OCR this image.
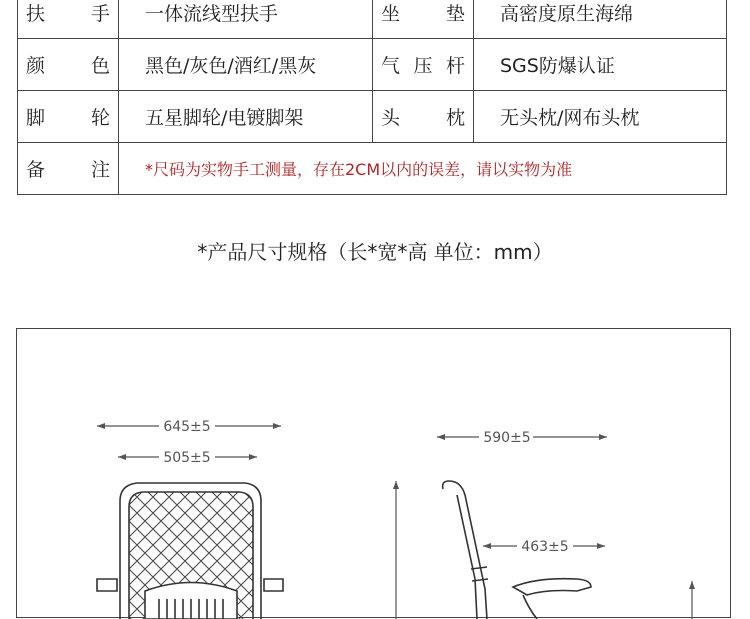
扶 手	一体流线型扶手	坐 垫	高密度原生海绵
颜 色	黑色/灰色/酒红/黑灰	气压杆	SGS防爆认证
脚 轮	五星脚轮/电镀脚架	头 枕	无头枕/网布头枕
备 注	*尺码为实物手工测量，存在2CM以内的误差，请以实物为准		
*产品尺寸规格（长*宽*高 单位：mm）
645±5
505±5
590±5
463±5
